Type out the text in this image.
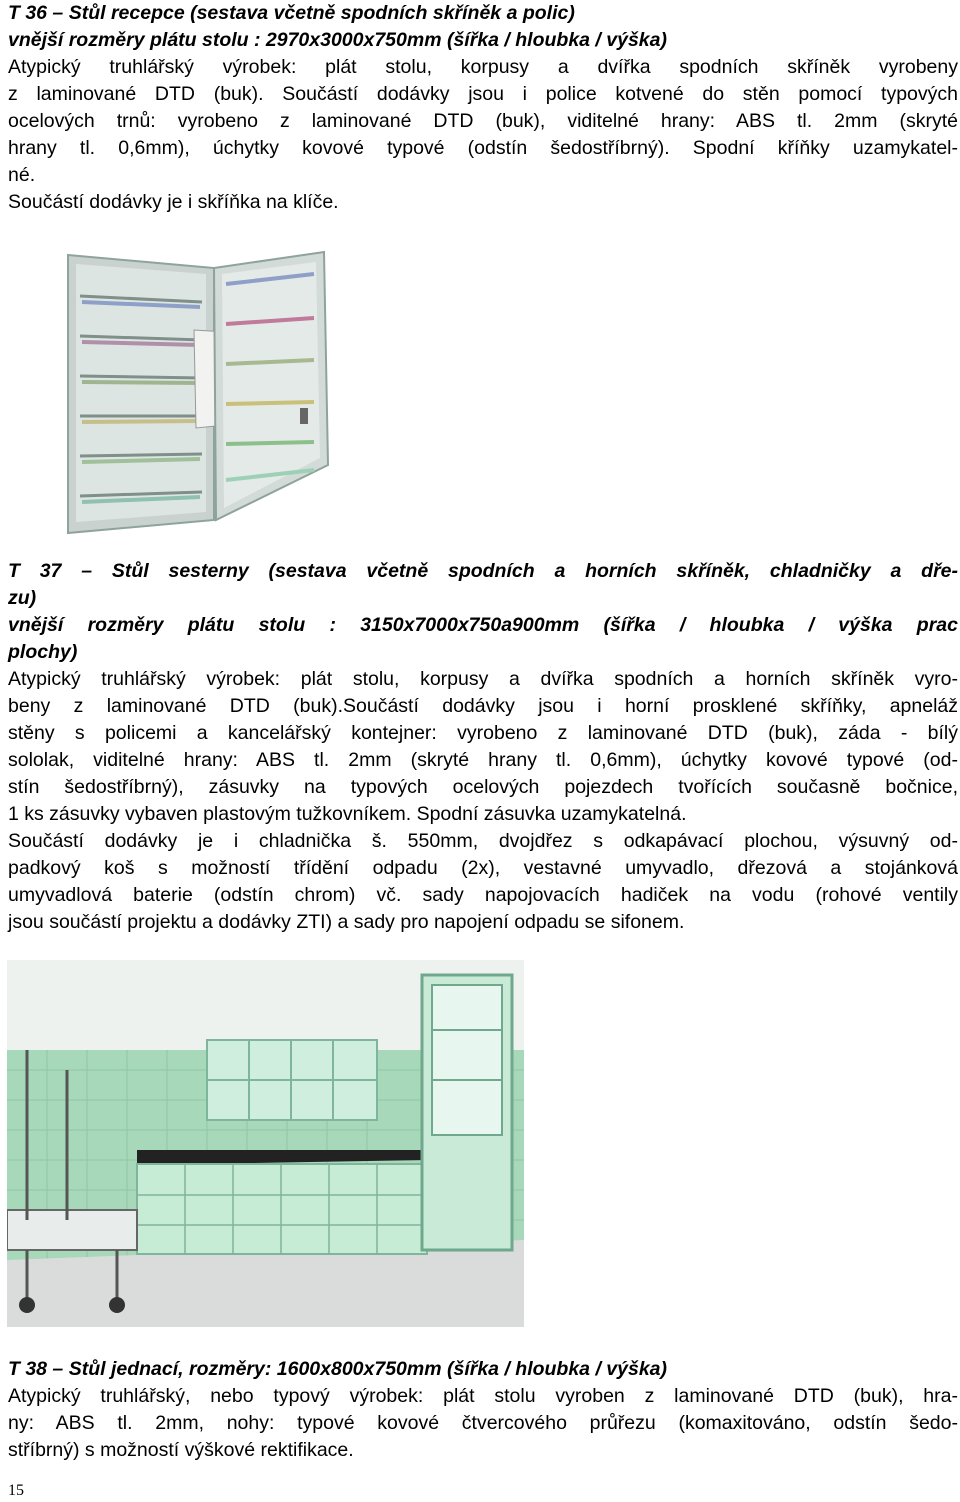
T 36 – Stůl recepce (sestava včetně spodních skříněk a polic)
vnější rozměry plátu stolu : 2970x3000x750mm (šířka / hloubka / výška)
Atypický truhlářský výrobek: plát stolu, korpusy a dvířka spodních skříněk vyrobeny
z laminované DTD (buk). Součástí dodávky jsou i police kotvené do stěn pomocí typových
ocelových trnů: vyrobeno z laminované DTD (buk), viditelné hrany: ABS tl. 2mm (skryté
hrany tl. 0,6mm), úchytky kovové typové (odstín šedostříbrný). Spodní kříňky uzamykatel-
né.
Součástí dodávky je i skříňka na klíče.
T 37 – Stůl sesterny (sestava včetně spodních a horních skříněk, chladničky a dře-
zu)
vnější rozměry plátu stolu : 3150x7000x750a900mm (šířka / hloubka / výška prac
plochy)
Atypický truhlářský výrobek: plát stolu, korpusy a dvířka spodních a horních skříněk vyro-
beny z laminované DTD (buk).Součástí dodávky jsou i horní prosklené skříňky, apneláž
stěny s policemi a kancelářský kontejner: vyrobeno z laminované DTD (buk), záda - bílý
sololak, viditelné hrany: ABS tl. 2mm (skryté hrany tl. 0,6mm), úchytky kovové typové (od-
stín šedostříbrný), zásuvky na typových ocelových pojezdech tvořících současně bočnice,
1 ks zásuvky vybaven plastovým tužkovníkem. Spodní zásuvka uzamykatelná.
Součástí dodávky je i chladnička š. 550mm, dvojdřez s odkapávací plochou, výsuvný od-
padkový koš s možností třídění odpadu (2x), vestavné umyvadlo, dřezová a stojánková
umyvadlová baterie (odstín chrom) vč. sady napojovacích hadiček na vodu (rohové ventily
jsou součástí projektu a dodávky ZTI) a sady pro napojení odpadu se sifonem.
T 38 – Stůl jednací, rozměry: 1600x800x750mm (šířka / hloubka / výška)
Atypický truhlářský, nebo typový výrobek: plát stolu vyroben z laminované DTD (buk), hra-
ny: ABS tl. 2mm, nohy: typové kovové čtvercového průřezu (komaxitováno, odstín šedo-
stříbrný) s možností výškové rektifikace.
15
